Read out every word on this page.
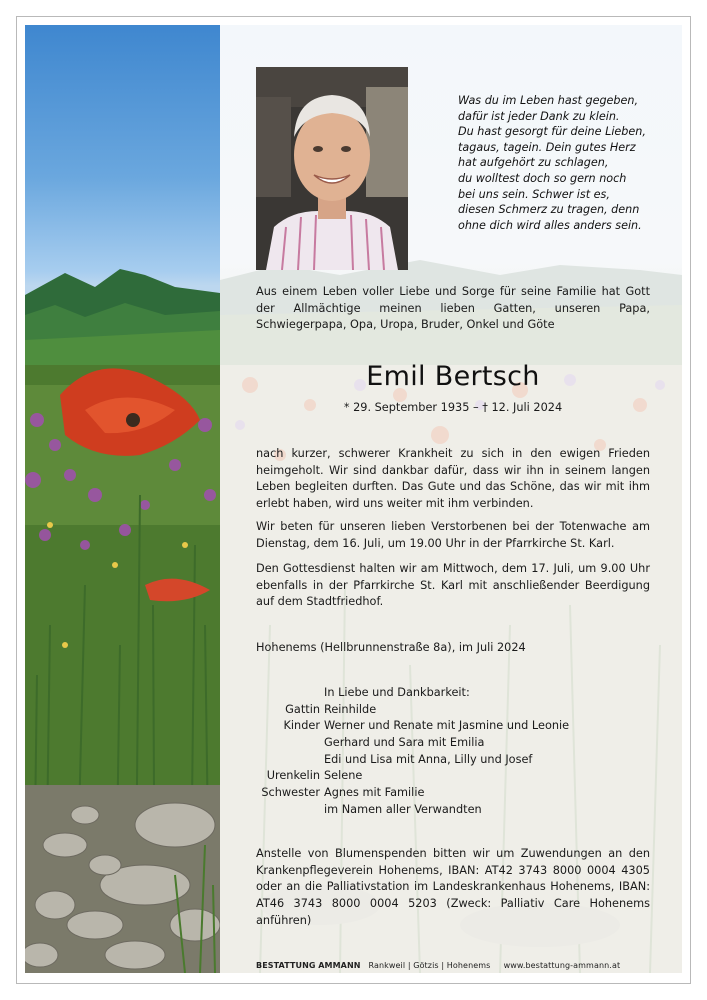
Was du im Leben hast gegeben,
dafür ist jeder Dank zu klein.
Du hast gesorgt für deine Lieben,
tagaus, tagein. Dein gutes Herz
hat aufgehört zu schlagen,
du wolltest doch so gern noch
bei uns sein. Schwer ist es,
diesen Schmerz zu tragen, denn
ohne dich wird alles anders sein.
Aus einem Leben voller Liebe und Sorge für seine Familie hat Gott der Allmächtige meinen lieben Gatten, unseren Papa, Schwiegerpapa, Opa, Uropa, Bruder, Onkel und Göte
Emil Bertsch
* 29. September 1935 – † 12. Juli 2024
nach kurzer, schwerer Krankheit zu sich in den ewigen Frieden heimgeholt. Wir sind dankbar dafür, dass wir ihn in seinem langen Leben begleiten durften. Das Gute und das Schöne, das wir mit ihm erlebt haben, wird uns weiter mit ihm verbinden.
Wir beten für unseren lieben Verstorbenen bei der Totenwache am Dienstag, dem 16. Juli, um 19.00 Uhr in der Pfarrkirche St. Karl.
Den Gottesdienst halten wir am Mittwoch, dem 17. Juli, um 9.00 Uhr ebenfalls in der Pfarrkirche St. Karl mit anschließender Beerdigung auf dem Stadtfriedhof.
Hohenems (Hellbrunnenstraße 8a), im Juli 2024
In Liebe und Dankbarkeit:
Gattin Reinhilde
Kinder Werner und Renate mit Jasmine und Leonie
Gerhard und Sara mit Emilia
Edi und Lisa mit Anna, Lilly und Josef
Urenkelin Selene
Schwester Agnes mit Familie
im Namen aller Verwandten
Anstelle von Blumenspenden bitten wir um Zuwendungen an den Krankenpflegeverein Hohenems, IBAN: AT42 3743 8000 0004 4305 oder an die Palliativstation im Landeskrankenhaus Hohenems, IBAN: AT46 3743 8000 0004 5203 (Zweck: Palliativ Care Hohenems anführen)
BESTATTUNG AMMANN Rankweil | Götzis | Hohenems www.bestattung-ammann.at
